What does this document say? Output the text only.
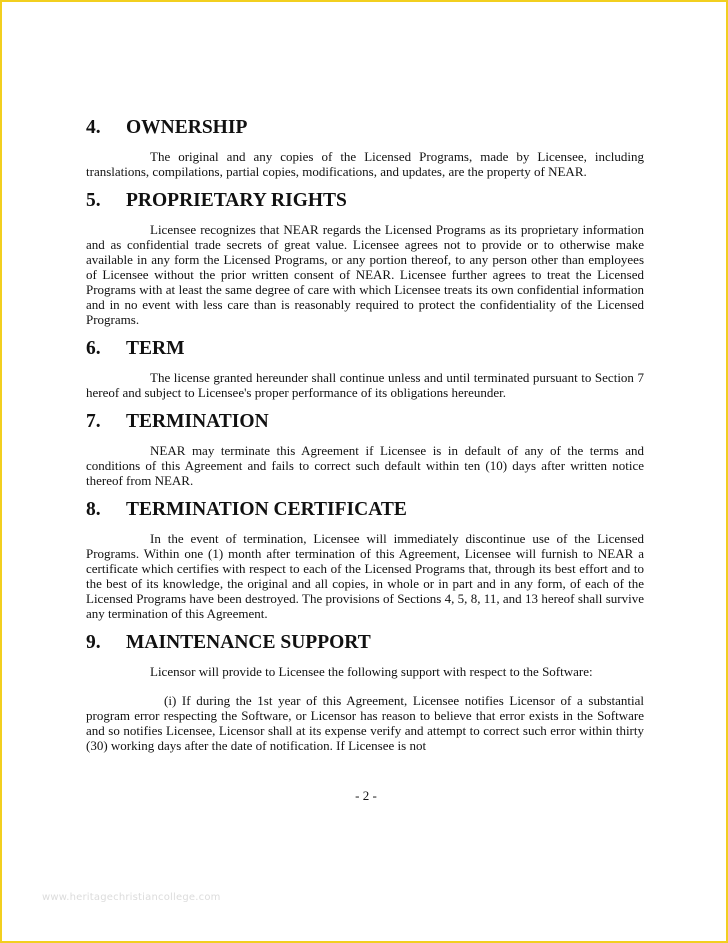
4.	OWNERSHIP

The original and any copies of the Licensed Programs, made by Licensee, including translations, compilations, partial copies, modifications, and updates, are the property of NEAR.

5.	PROPRIETARY RIGHTS

Licensee recognizes that NEAR regards the Licensed Programs as its proprietary information and as confidential trade secrets of great value. Licensee agrees not to provide or to otherwise make available in any form the Licensed Programs, or any portion thereof, to any person other than employees of Licensee without the prior written consent of NEAR. Licensee further agrees to treat the Licensed Programs with at least the same degree of care with which Licensee treats its own confidential information and in no event with less care than is reasonably required to protect the confidentiality of the Licensed Programs.

6.	TERM

The license granted hereunder shall continue unless and until terminated pursuant to Section 7 hereof and subject to Licensee's proper performance of its obligations hereunder.

7.	TERMINATION

NEAR may terminate this Agreement if Licensee is in default of any of the terms and conditions of this Agreement and fails to correct such default within ten (10) days after written notice thereof from NEAR.

8.	TERMINATION CERTIFICATE

In the event of termination, Licensee will immediately discontinue use of the Licensed Programs. Within one (1) month after termination of this Agreement, Licensee will furnish to NEAR a certificate which certifies with respect to each of the Licensed Programs that, through its best effort and to the best of its knowledge, the original and all copies, in whole or in part and in any form, of each of the Licensed Programs have been destroyed. The provisions of Sections 4, 5, 8, 11, and 13 hereof shall survive any termination of this Agreement.

9.	MAINTENANCE SUPPORT

Licensor will provide to Licensee the following support with respect to the Software:

(i) If during the 1st year of this Agreement, Licensee notifies Licensor of a substantial program error respecting the Software, or Licensor has reason to believe that error exists in the Software and so notifies Licensee, Licensor shall at its expense verify and attempt to correct such error within thirty (30) working days after the date of notification. If Licensee is not

- 2 -
www.heritagechristiancollege.com
